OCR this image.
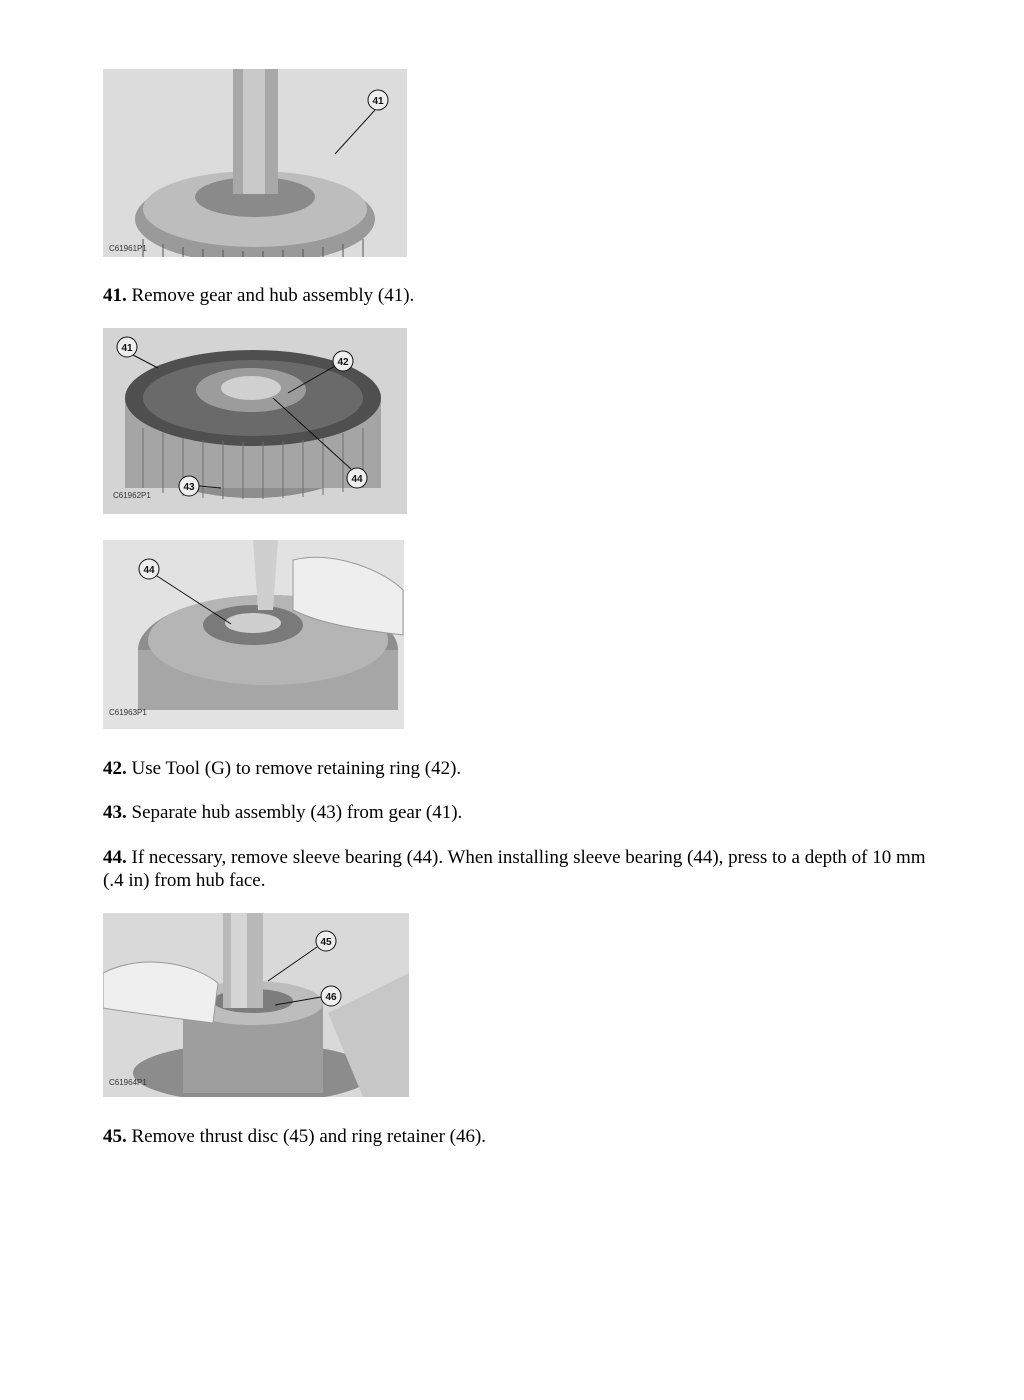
41
C61961P1

41. Remove gear and hub assembly (41).

41
42
43
44
C61962P1
44
C61963P1

42. Use Tool (G) to remove retaining ring (42).

43. Separate hub assembly (43) from gear (41).

44. If necessary, remove sleeve bearing (44). When installing sleeve bearing (44), press to a depth of 10 mm (.4 in) from hub face.

45
46
C61964P1

45. Remove thrust disc (45) and ring retainer (46).
